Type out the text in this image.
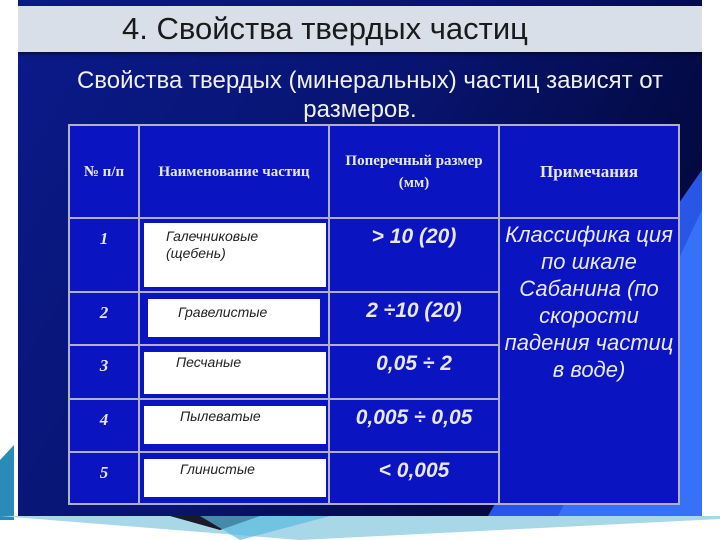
4. Свойства твердых частиц
Свойства твердых (минеральных) частиц зависят от
размеров.
№ п/п	Наименование частиц	Поперечный размер (мм)	Примечания
1	Галечниковые (щебень)	> 10 (20)	Классифика ция по шкале Сабанина (по скорости падения частиц в воде)
2	Гравелистые	2 ÷10 (20)	
3	Песчаные	0,05 ÷ 2	
4	Пылеватые	0,005 ÷ 0,05	
5	Глинистые	< 0,005	
